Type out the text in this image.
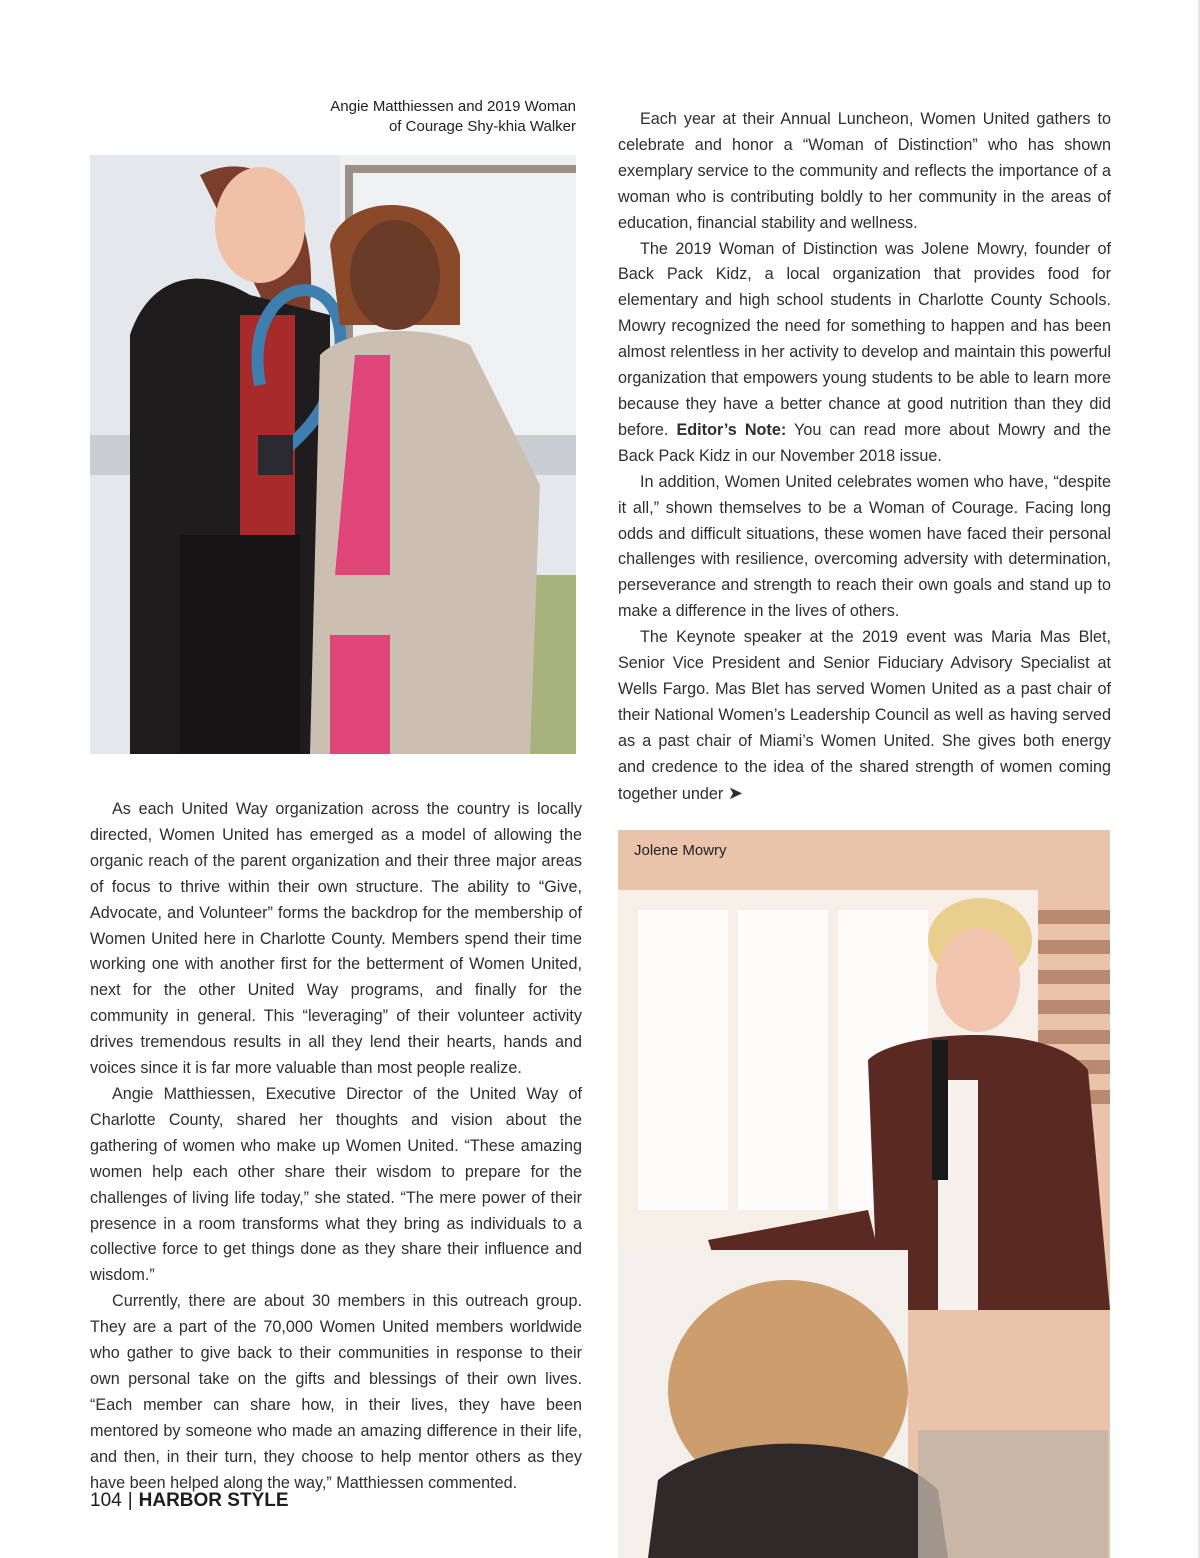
Angie Matthiessen and 2019 Woman
of Courage Shy-khia Walker
Jolene Mowry

Each year at their Annual Luncheon, Women United gathers to celebrate and honor a “Woman of Distinction” who has shown exemplary service to the community and reflects the importance of a woman who is contributing boldly to her community in the areas of education, financial stability and wellness.

The 2019 Woman of Distinction was Jolene Mowry, founder of Back Pack Kidz, a local organization that provides food for elementary and high school students in Charlotte County Schools. Mowry recognized the need for something to happen and has been almost relentless in her activity to develop and maintain this powerful organization that empowers young students to be able to learn more because they have a better chance at good nutrition than they did before. Editor’s Note: You can read more about Mowry and the Back Pack Kidz in our November 2018 issue.

In addition, Women United celebrates women who have, “despite it all,” shown themselves to be a Woman of Courage. Facing long odds and difficult situations, these women have faced their personal challenges with resilience, overcoming adversity with determination, perseverance and strength to reach their own goals and stand up to make a difference in the lives of others.

The Keynote speaker at the 2019 event was Maria Mas Blet, Senior Vice President and Senior Fiduciary Advisory Specialist at Wells Fargo. Mas Blet has served Women United as a past chair of their National Women’s Leadership Council as well as having served as a past chair of Miami’s Women United. She gives both energy and credence to the idea of the shared strength of women coming together under ➤

As each United Way organization across the country is locally directed, Women United has emerged as a model of allowing the organic reach of the parent organization and their three major areas of focus to thrive within their own structure. The ability to “Give, Advocate, and Volunteer” forms the backdrop for the membership of Women United here in Charlotte County. Members spend their time working one with another first for the betterment of Women United, next for the other United Way programs, and finally for the community in general. This “leveraging” of their volunteer activity drives tremendous results in all they lend their hearts, hands and voices since it is far more valuable than most people realize.

Angie Matthiessen, Executive Director of the United Way of Charlotte County, shared her thoughts and vision about the gathering of women who make up Women United. “These amazing women help each other share their wisdom to prepare for the challenges of living life today,” she stated. “The mere power of their presence in a room transforms what they bring as individuals to a collective force to get things done as they share their influence and wisdom.”

Currently, there are about 30 members in this outreach group. They are a part of the 70,000 Women United members worldwide who gather to give back to their communities in response to their own personal take on the gifts and blessings of their own lives. “Each member can share how, in their lives, they have been mentored by someone who made an amazing difference in their life, and then, in their turn, they choose to help mentor others as they have been helped along the way,” Matthiessen commented.

104 | HARBOR STYLE
